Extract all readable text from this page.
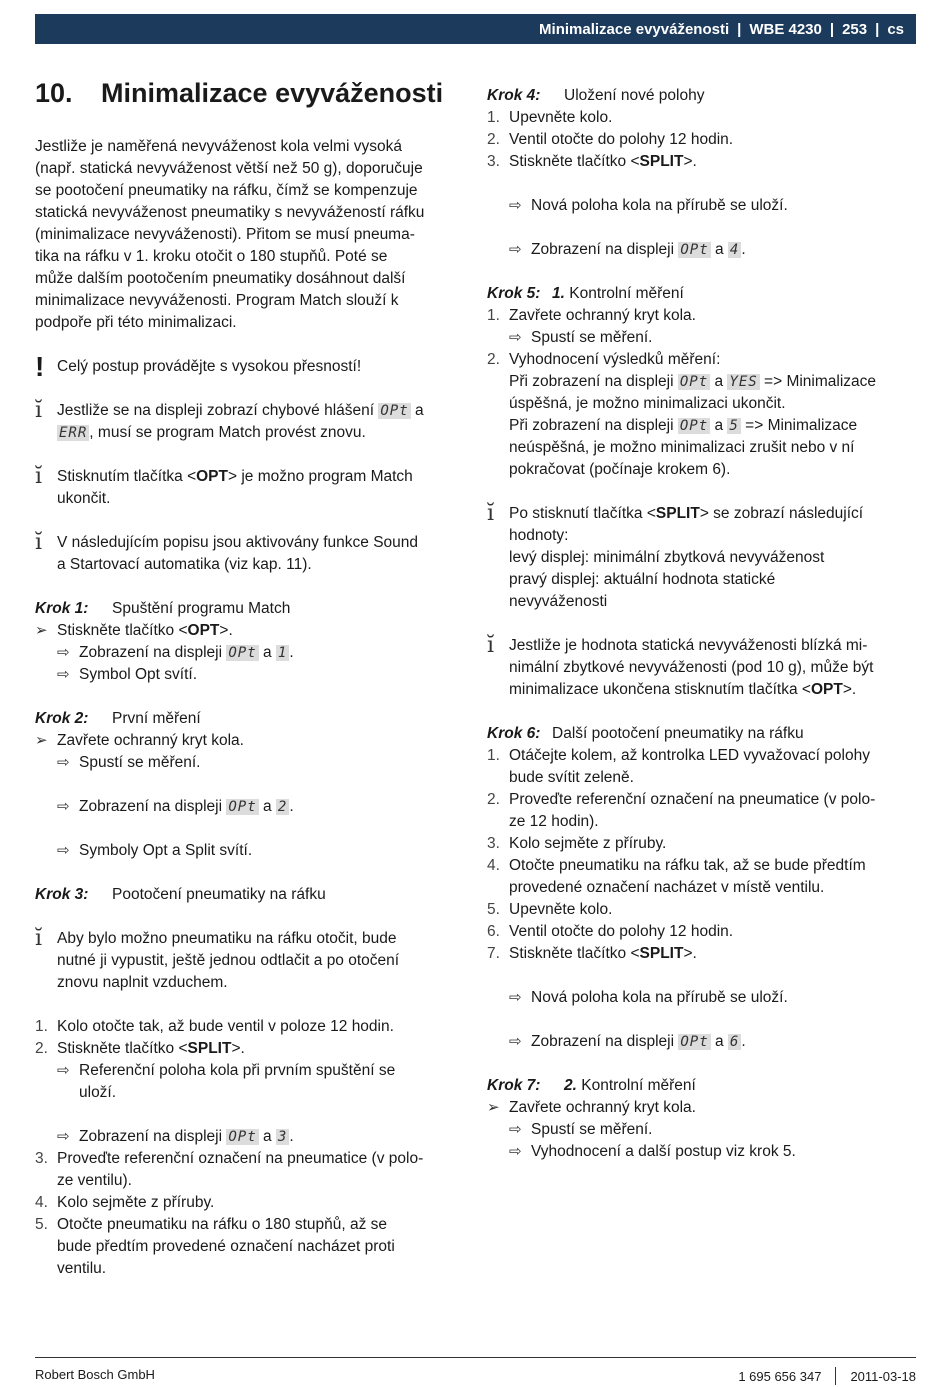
Minimalizace evyváženosti | WBE 4230 | 253 | cs
10. Minimalizace evyváženosti

Jestliže je naměřená nevyváženost kola velmi vysoká

(např. statická nevyváženost větší než 50 g), doporučuje

se pootočení pneumatiky na ráfku, čímž se kompenzuje

statická nevyváženost pneumatiky s nevyvážeností ráfku

(minimalizace nevyváženosti). Přitom se musí pneuma-

tika na ráfku v 1. kroku otočit o 180 stupňů. Poté se

může dalším pootočením pneumatiky dosáhnout další

minimalizace nevyváženosti. Program Match slouží k

podpoře při této minimalizaci.

! Celý postup provádějte s vysokou přesností!
ĭ Jestliže se na displeji zobrazí chybové hlášení OPt a
ERR , musí se program Match provést znovu.
ĭ Stisknutím tlačítka <OPT> je možno program Match
ukončit.
ĭ V následujícím popisu jsou aktivovány funkce Sound

a Startovací automatika (viz kap. 11).

Krok 1: Spuštění programu Match

➢ Stiskněte tlačítko <OPT>.
⇨ Zobrazení na displeji OPt a 1 .
⇨ Symbol Opt svítí.

Krok 2: První měření

➢ Zavřete ochranný kryt kola.
⇨ Spustí se měření.
⇨ Zobrazení na displeji OPt a 2 .
⇨ Symboly Opt a Split svítí.

Krok 3: Pootočení pneumatiky na ráfku

ĭ Aby bylo možno pneumatiku na ráfku otočit, bude

nutné ji vypustit, ještě jednou odtlačit a po otočení

znovu naplnit vzduchem.

1. Kolo otočte tak, až bude ventil v poloze 12 hodin.
2. Stiskněte tlačítko <SPLIT>.
⇨ Referenční poloha kola při prvním spuštění se

uloží.

⇨ Zobrazení na displeji OPt a 3 .
3. Proveďte referenční označení na pneumatice (v polo-

ze ventilu).

4. Kolo sejměte z příruby.
5. Otočte pneumatiku na ráfku o 180 stupňů, až se

bude předtím provedené označení nacházet proti

ventilu.

Krok 4: Uložení nové polohy

1. Upevněte kolo.
2. Ventil otočte do polohy 12 hodin.
3. Stiskněte tlačítko <SPLIT>.
⇨ Nová poloha kola na přírubě se uloží.
⇨ Zobrazení na displeji OPt a 4 .

Krok 5: 1. Kontrolní měření

1. Zavřete ochranný kryt kola.
⇨ Spustí se měření.
2. Vyhodnocení výsledků měření:

Při zobrazení na displeji OPt a YES => Minimalizace

úspěšná, je možno minimalizaci ukončit.

Při zobrazení na displeji OPt a 5 => Minimalizace

neúspěšná, je možno minimalizaci zrušit nebo v ní

pokračovat (počínaje krokem 6).

ĭ Po stisknutí tlačítka <SPLIT> se zobrazí následující

hodnoty:

levý displej: minimální zbytková nevyváženost

pravý displej: aktuální hodnota statické

nevyváženosti

ĭ Jestliže je hodnota statická nevyváženosti blízká mi-

nimální zbytkové nevyváženosti (pod 10 g), může být

minimalizace ukončena stisknutím tlačítka <OPT>.

Krok 6: Další pootočení pneumatiky na ráfku

1. Otáčejte kolem, až kontrolka LED vyvažovací polohy

bude svítit zeleně.

2. Proveďte referenční označení na pneumatice (v polo-

ze 12 hodin).

3. Kolo sejměte z příruby.
4. Otočte pneumatiku na ráfku tak, až se bude předtím

provedené označení nacházet v místě ventilu.

5. Upevněte kolo.
6. Ventil otočte do polohy 12 hodin.
7. Stiskněte tlačítko <SPLIT>.
⇨ Nová poloha kola na přírubě se uloží.
⇨ Zobrazení na displeji OPt a 6 .

Krok 7: 2. Kontrolní měření

➢ Zavřete ochranný kryt kola.
⇨ Spustí se měření.
⇨ Vyhodnocení a další postup viz krok 5.
Robert Bosch GmbH	1 695 656 347 2011-03-18
